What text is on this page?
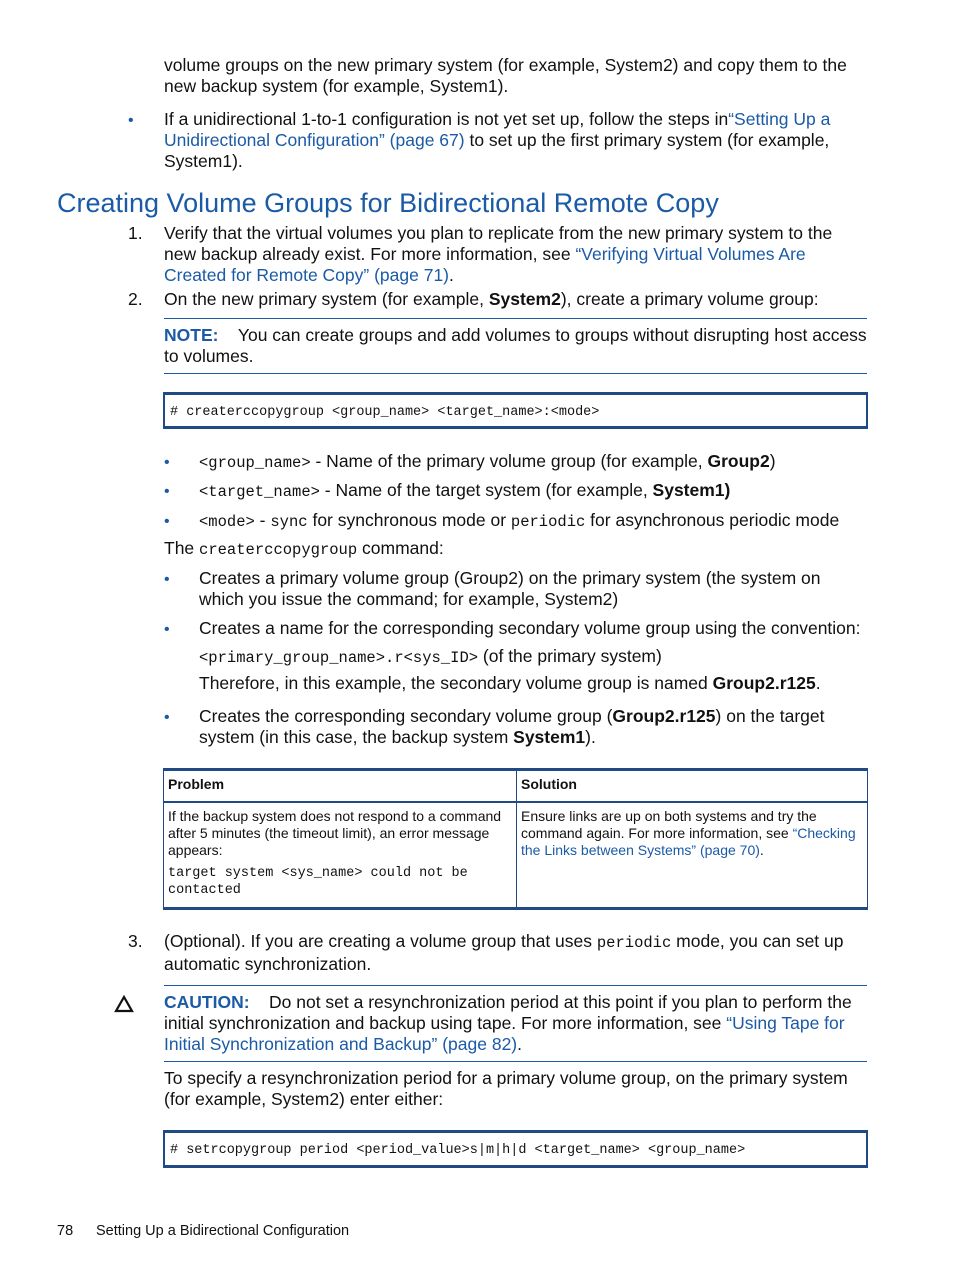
volume groups on the new primary system (for example, System2) and copy them to the new backup system (for example, System1).
• If a unidirectional 1-to-1 configuration is not yet set up, follow the steps in“Setting Up a Unidirectional Configuration” (page 67) to set up the first primary system (for example, System1).
Creating Volume Groups for Bidirectional Remote Copy
1. Verify that the virtual volumes you plan to replicate from the new primary system to the new backup already exist. For more information, see “Verifying Virtual Volumes Are Created for Remote Copy” (page 71).
2. On the new primary system (for example, System2), create a primary volume group:
NOTE: You can create groups and add volumes to groups without disrupting host access to volumes.
# createrccopygroup <group_name> <target_name>:<mode>
• <group_name> - Name of the primary volume group (for example, Group2)
• <target_name> - Name of the target system (for example, System1)
• <mode> - sync for synchronous mode or periodic for asynchronous periodic mode
The createrccopygroup command:
• Creates a primary volume group (Group2) on the primary system (the system on which you issue the command; for example, System2)
• Creates a name for the corresponding secondary volume group using the convention:
<primary_group_name>.r<sys_ID> (of the primary system)
Therefore, in this example, the secondary volume group is named Group2.r125.
• Creates the corresponding secondary volume group (Group2.r125) on the target system (in this case, the backup system System1).
Problem	Solution
If the backup system does not respond to a command after 5 minutes (the timeout limit), an error message appears:
target system <sys_name> could not be contacted	Ensure links are up on both systems and try the command again. For more information, see “Checking the Links between Systems” (page 70).
3. (Optional). If you are creating a volume group that uses periodic mode, you can set up automatic synchronization.
CAUTION: Do not set a resynchronization period at this point if you plan to perform the initial synchronization and backup using tape. For more information, see “Using Tape for Initial Synchronization and Backup” (page 82).
To specify a resynchronization period for a primary volume group, on the primary system (for example, System2) enter either:
# setrcopygroup period <period_value>s|m|h|d <target_name> <group_name>
78 Setting Up a Bidirectional Configuration
